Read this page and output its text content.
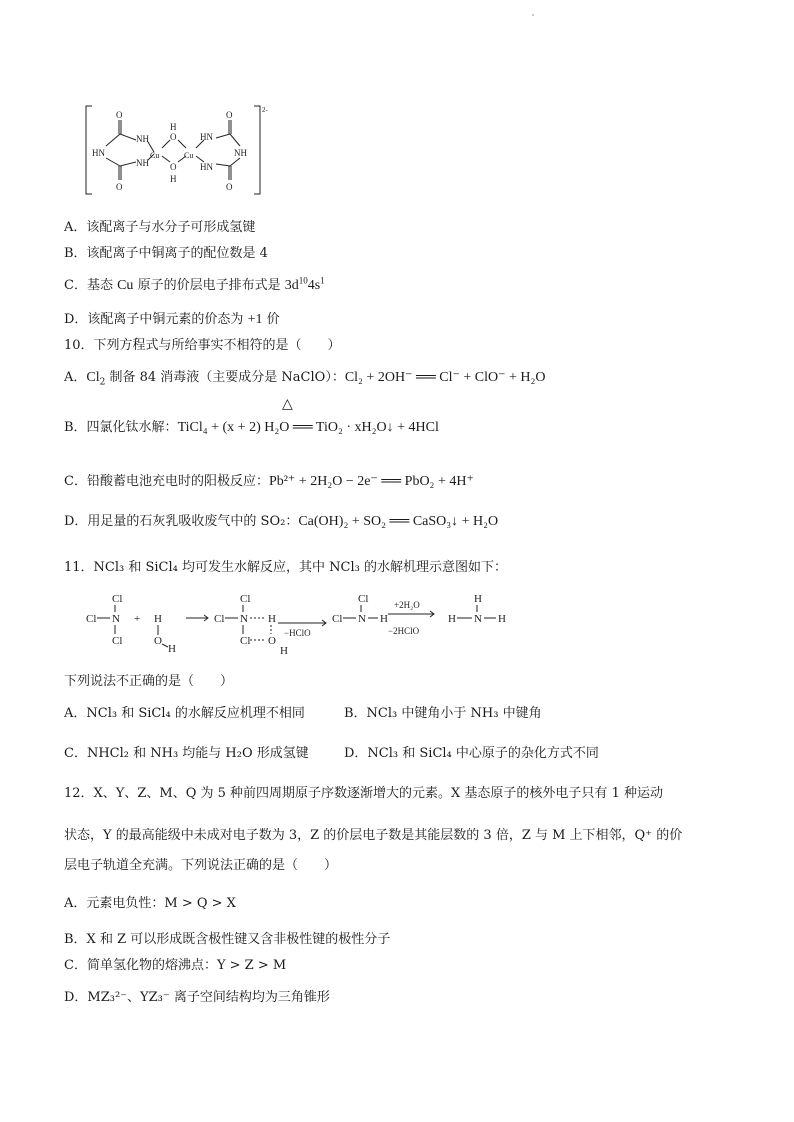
O
O
NH
NH
HN	Cu	Cu
O
O
H
H
HN
HN
NH
O
O
2-
A．该配离子与水分子可形成氢键
B．该配离子中铜离子的配位数是 4
C．基态 Cu 原子的价层电子排布式是 $3d^{10}4s^1$
D．该配离子中铜元素的价态为 +1 价
10．下列方程式与所给事实不相符的是（　　）
A．$Cl_2$ 制备 84 消毒液（主要成分是 NaClO）：Cl₂ + 2OH⁻ ══ Cl⁻ + ClO⁻ + H₂O
△
B．四氯化钛水解：TiCl₄ + (x + 2) H₂O ══ TiO₂ · xH₂O↓ + 4HCl
C．铅酸蓄电池充电时的阳极反应：Pb²⁺ + 2H₂O − 2e⁻ ══ PbO₂ + 4H⁺
D．用足量的石灰乳吸收废气中的 SO₂：Ca(OH)₂ + SO₂ ══ CaSO₃↓ + H₂O
11．NCl₃ 和 SiCl₄ 均可发生水解反应，其中 NCl₃ 的水解机理示意图如下：
Cl
Cl N
Cl
+ H
O
H
Cl
Cl N H
Cl O
H
Cl
Cl N H
H
H N H
−HClO
+2H₂O
−2HClO
下列说法不正确的是（　　）
A．NCl₃ 和 SiCl₄ 的水解反应机理不相同	B．NCl₃ 中键角小于 NH₃ 中键角
C．NHCl₂ 和 NH₃ 均能与 H₂O 形成氢键	D．NCl₃ 和 SiCl₄ 中心原子的杂化方式不同
12．X、Y、Z、M、Q 为 5 种前四周期原子序数逐渐增大的元素。X 基态原子的核外电子只有 1 种运动
状态，Y 的最高能级中未成对电子数为 3，Z 的价层电子数是其能层数的 3 倍，Z 与 M 上下相邻，Q⁺ 的价
层电子轨道全充满。下列说法正确的是（　　）
A．元素电负性：M > Q > X
B．X 和 Z 可以形成既含极性键又含非极性键的极性分子
C．简单氢化物的熔沸点：Y > Z > M
D．MZ₃²⁻、YZ₃⁻ 离子空间结构均为三角锥形
